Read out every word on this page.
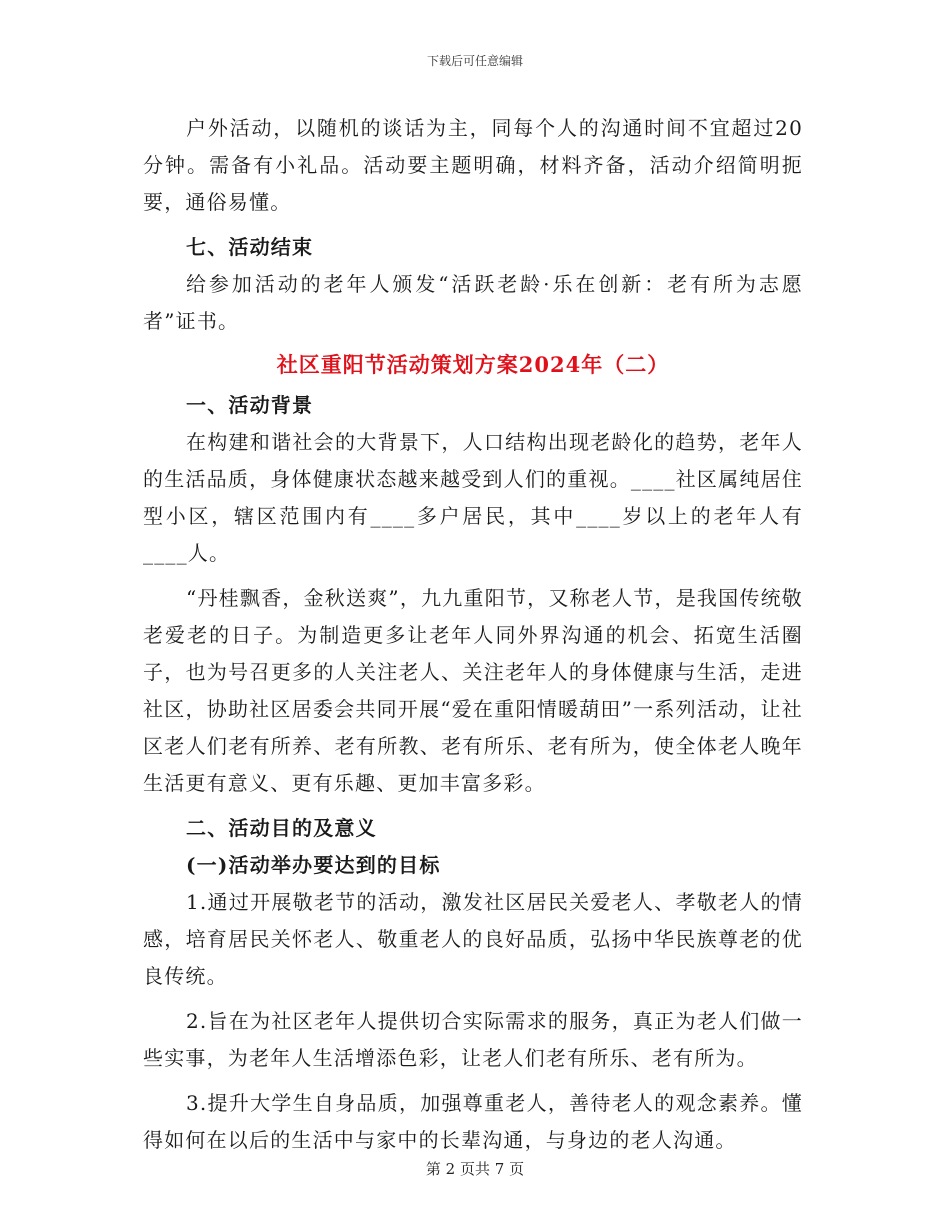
下载后可任意编辑

户外活动，以随机的谈话为主，同每个人的沟通时间不宜超过20分钟。需备有小礼品。活动要主题明确，材料齐备，活动介绍简明扼要，通俗易懂。

七、活动结束

给参加活动的老年人颁发“活跃老龄·乐在创新：老有所为志愿者”证书。

社区重阳节活动策划方案2024年（二）

一、活动背景

在构建和谐社会的大背景下，人口结构出现老龄化的趋势，老年人的生活品质，身体健康状态越来越受到人们的重视。____社区属纯居住型小区，辖区范围内有____多户居民，其中____岁以上的老年人有____人。

“丹桂飘香，金秋送爽”，九九重阳节，又称老人节，是我国传统敬老爱老的日子。为制造更多让老年人同外界沟通的机会、拓宽生活圈子，也为号召更多的人关注老人、关注老年人的身体健康与生活，走进社区，协助社区居委会共同开展“爱在重阳情暖葫田”一系列活动，让社区老人们老有所养、老有所教、老有所乐、老有所为，使全体老人晚年生活更有意义、更有乐趣、更加丰富多彩。

二、活动目的及意义

(一)活动举办要达到的目标

1.通过开展敬老节的活动，激发社区居民关爱老人、孝敬老人的情感，培育居民关怀老人、敬重老人的良好品质，弘扬中华民族尊老的优良传统。

2.旨在为社区老年人提供切合实际需求的服务，真正为老人们做一些实事，为老年人生活增添色彩，让老人们老有所乐、老有所为。

3.提升大学生自身品质，加强尊重老人，善待老人的观念素养。懂得如何在以后的生活中与家中的长辈沟通，与身边的老人沟通。

第 2 页共 7 页
